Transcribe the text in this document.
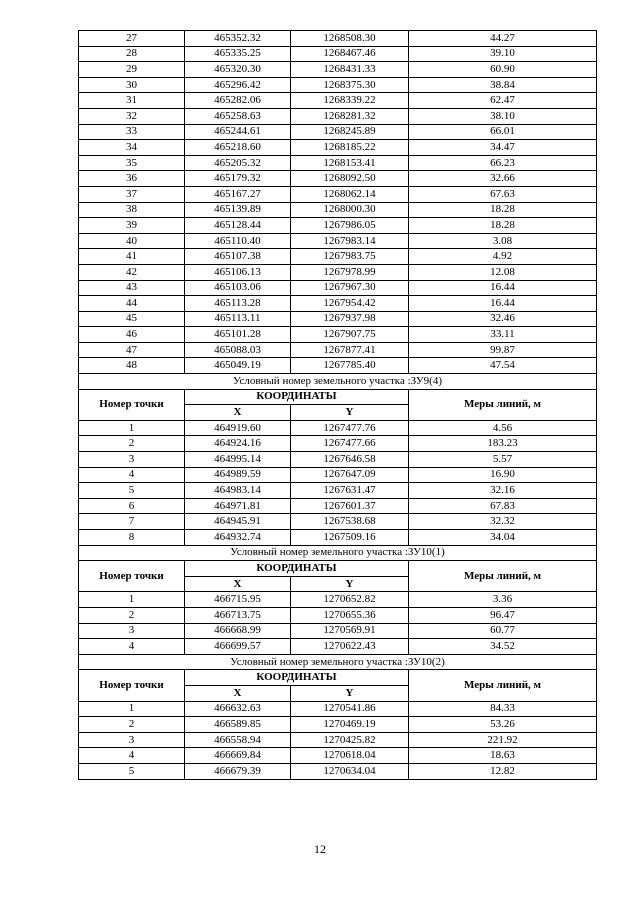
27	465352.32	1268508.30	44.27
28	465335.25	1268467.46	39.10
29	465320.30	1268431.33	60.90
30	465296.42	1268375.30	38.84
31	465282.06	1268339.22	62.47
32	465258.63	1268281.32	38.10
33	465244.61	1268245.89	66.01
34	465218.60	1268185.22	34.47
35	465205.32	1268153.41	66.23
36	465179.32	1268092.50	32.66
37	465167.27	1268062.14	67.63
38	465139.89	1268000.30	18.28
39	465128.44	1267986.05	18.28
40	465110.40	1267983.14	3.08
41	465107.38	1267983.75	4.92
42	465106.13	1267978.99	12.08
43	465103.06	1267967.30	16.44
44	465113.28	1267954.42	16.44
45	465113.11	1267937.98	32.46
46	465101.28	1267907.75	33.11
47	465088.03	1267877.41	99.87
48	465049.19	1267785.40	47.54
Условный номер земельного участка :ЗУ9(4)			
Номер точки	КООРДИНАТЫ		Меры линий, м
	X	Y	
1	464919.60	1267477.76	4.56
2	464924.16	1267477.66	183.23
3	464995.14	1267646.58	5.57
4	464989.59	1267647.09	16.90
5	464983.14	1267631.47	32.16
6	464971.81	1267601.37	67.83
7	464945.91	1267538.68	32.32
8	464932.74	1267509.16	34.04
Условный номер земельного участка :ЗУ10(1)			
Номер точки	КООРДИНАТЫ		Меры линий, м
	X	Y	
1	466715.95	1270652.82	3.36
2	466713.75	1270655.36	96.47
3	466668.99	1270569.91	60.77
4	466699.57	1270622.43	34.52
Условный номер земельного участка :ЗУ10(2)			
Номер точки	КООРДИНАТЫ		Меры линий, м
	X	Y	
1	466632.63	1270541.86	84.33
2	466589.85	1270469.19	53.26
3	466558.94	1270425.82	221.92
4	466669.84	1270618.04	18.63
5	466679.39	1270634.04	12.82
12
